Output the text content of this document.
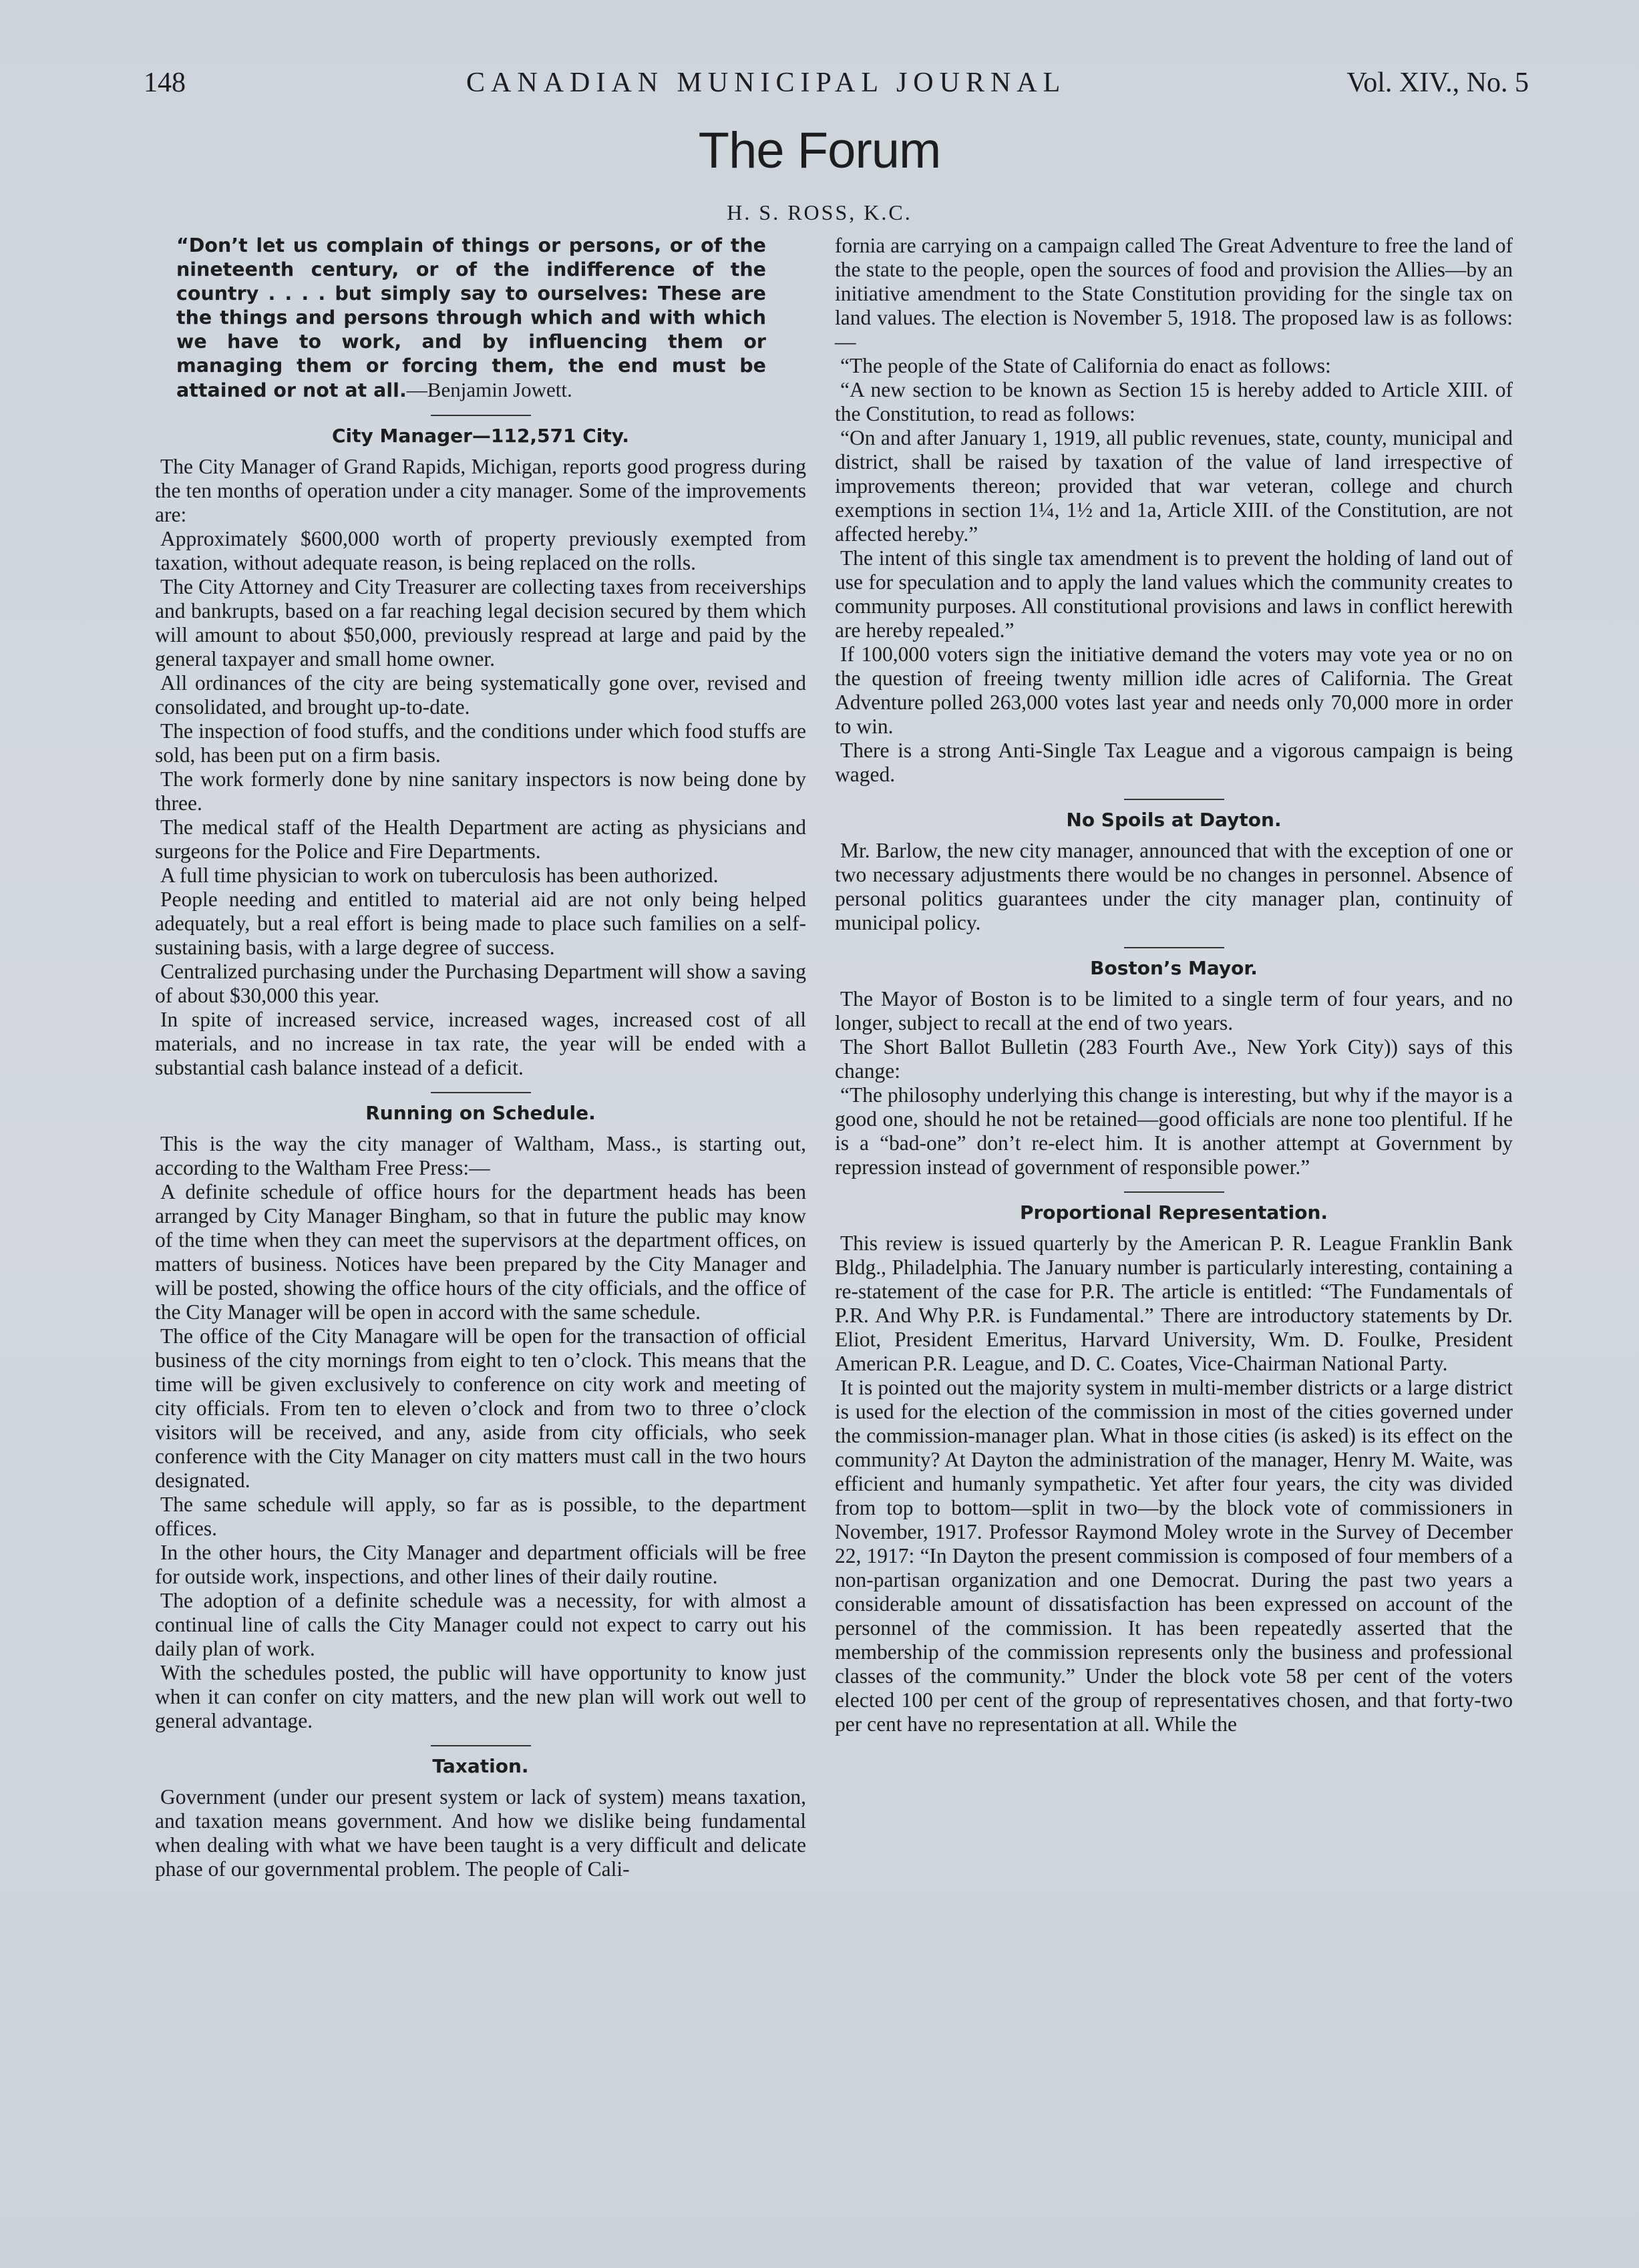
148	CANADIAN MUNICIPAL JOURNAL	Vol. XIV., No. 5
The Forum
H. S. ROSS, K.C.
“Don’t let us complain of things or persons, or of the nineteenth century, or of the indifference of the country . . . . but simply say to ourselves: These are the things and persons through which and with which we have to work, and by influencing them or managing them or forcing them, the end must be attained or not at all.—Benjamin Jowett.
City Manager—112,571 City.

The City Manager of Grand Rapids, Michigan, reports good progress during the ten months of operation under a city manager. Some of the improvements are:

Approximately $600,000 worth of property previously exempted from taxation, without adequate reason, is being replaced on the rolls.

The City Attorney and City Treasurer are collecting taxes from receiverships and bankrupts, based on a far reaching legal decision secured by them which will amount to about $50,000, previously respread at large and paid by the general taxpayer and small home owner.

All ordinances of the city are being systematically gone over, revised and consolidated, and brought up-to-date.

The inspection of food stuffs, and the conditions under which food stuffs are sold, has been put on a firm basis.

The work formerly done by nine sanitary inspectors is now being done by three.

The medical staff of the Health Department are acting as physicians and surgeons for the Police and Fire Departments.

A full time physician to work on tuberculosis has been authorized.

People needing and entitled to material aid are not only being helped adequately, but a real effort is being made to place such families on a self-sustaining basis, with a large degree of success.

Centralized purchasing under the Purchasing Department will show a saving of about $30,000 this year.

In spite of increased service, increased wages, increased cost of all materials, and no increase in tax rate, the year will be ended with a substantial cash balance instead of a deficit.

Running on Schedule.

This is the way the city manager of Waltham, Mass., is starting out, according to the Waltham Free Press:—

A definite schedule of office hours for the department heads has been arranged by City Manager Bingham, so that in future the public may know of the time when they can meet the supervisors at the department offices, on matters of business. Notices have been prepared by the City Manager and will be posted, showing the office hours of the city officials, and the office of the City Manager will be open in accord with the same schedule.

The office of the City Managare will be open for the transaction of official business of the city mornings from eight to ten o’clock. This means that the time will be given exclusively to conference on city work and meeting of city officials. From ten to eleven o’clock and from two to three o’clock visitors will be received, and any, aside from city officials, who seek conference with the City Manager on city matters must call in the two hours designated.

The same schedule will apply, so far as is possible, to the department offices.

In the other hours, the City Manager and department officials will be free for outside work, inspections, and other lines of their daily routine.

The adoption of a definite schedule was a necessity, for with almost a continual line of calls the City Manager could not expect to carry out his daily plan of work.

With the schedules posted, the public will have opportunity to know just when it can confer on city matters, and the new plan will work out well to general advantage.

Taxation.

Government (under our present system or lack of system) means taxation, and taxation means government. And how we dislike being fundamental when dealing with what we have been taught is a very difficult and delicate phase of our governmental problem. The people of Cali-

fornia are carrying on a campaign called The Great Adventure to free the land of the state to the people, open the sources of food and provision the Allies—by an initiative amendment to the State Constitution providing for the single tax on land values. The election is November 5, 1918. The proposed law is as follows:—

“The people of the State of California do enact as follows:

“A new section to be known as Section 15 is hereby added to Article XIII. of the Constitution, to read as follows:

“On and after January 1, 1919, all public revenues, state, county, municipal and district, shall be raised by taxation of the value of land irrespective of improvements thereon; provided that war veteran, college and church exemptions in section 1¼, 1½ and 1a, Article XIII. of the Constitution, are not affected hereby.”

The intent of this single tax amendment is to prevent the holding of land out of use for speculation and to apply the land values which the community creates to community purposes. All constitutional provisions and laws in conflict herewith are hereby repealed.”

If 100,000 voters sign the initiative demand the voters may vote yea or no on the question of freeing twenty million idle acres of California. The Great Adventure polled 263,000 votes last year and needs only 70,000 more in order to win.

There is a strong Anti-Single Tax League and a vigorous campaign is being waged.

No Spoils at Dayton.

Mr. Barlow, the new city manager, announced that with the exception of one or two necessary adjustments there would be no changes in personnel. Absence of personal politics guarantees under the city manager plan, continuity of municipal policy.

Boston’s Mayor.

The Mayor of Boston is to be limited to a single term of four years, and no longer, subject to recall at the end of two years.

The Short Ballot Bulletin (283 Fourth Ave., New York City)) says of this change:

“The philosophy underlying this change is interesting, but why if the mayor is a good one, should he not be retained—good officials are none too plentiful. If he is a “bad-one” don’t re-elect him. It is another attempt at Government by repression instead of government of responsible power.”

Proportional Representation.

This review is issued quarterly by the American P. R. League Franklin Bank Bldg., Philadelphia. The January number is particularly interesting, containing a re-statement of the case for P.R. The article is entitled: “The Fundamentals of P.R. And Why P.R. is Fundamental.” There are introductory statements by Dr. Eliot, President Emeritus, Harvard University, Wm. D. Foulke, President American P.R. League, and D. C. Coates, Vice-Chairman National Party.

It is pointed out the majority system in multi-member districts or a large district is used for the election of the commission in most of the cities governed under the commission-manager plan. What in those cities (is asked) is its effect on the community? At Dayton the administration of the manager, Henry M. Waite, was efficient and humanly sympathetic. Yet after four years, the city was divided from top to bottom—split in two—by the block vote of commissioners in November, 1917. Professor Raymond Moley wrote in the Survey of December 22, 1917: “In Dayton the present commission is composed of four members of a non-partisan organization and one Democrat. During the past two years a considerable amount of dissatisfaction has been expressed on account of the personnel of the commission. It has been repeatedly asserted that the membership of the commission represents only the business and professional classes of the community.” Under the block vote 58 per cent of the voters elected 100 per cent of the group of representatives chosen, and that forty-two per cent have no representation at all. While the
